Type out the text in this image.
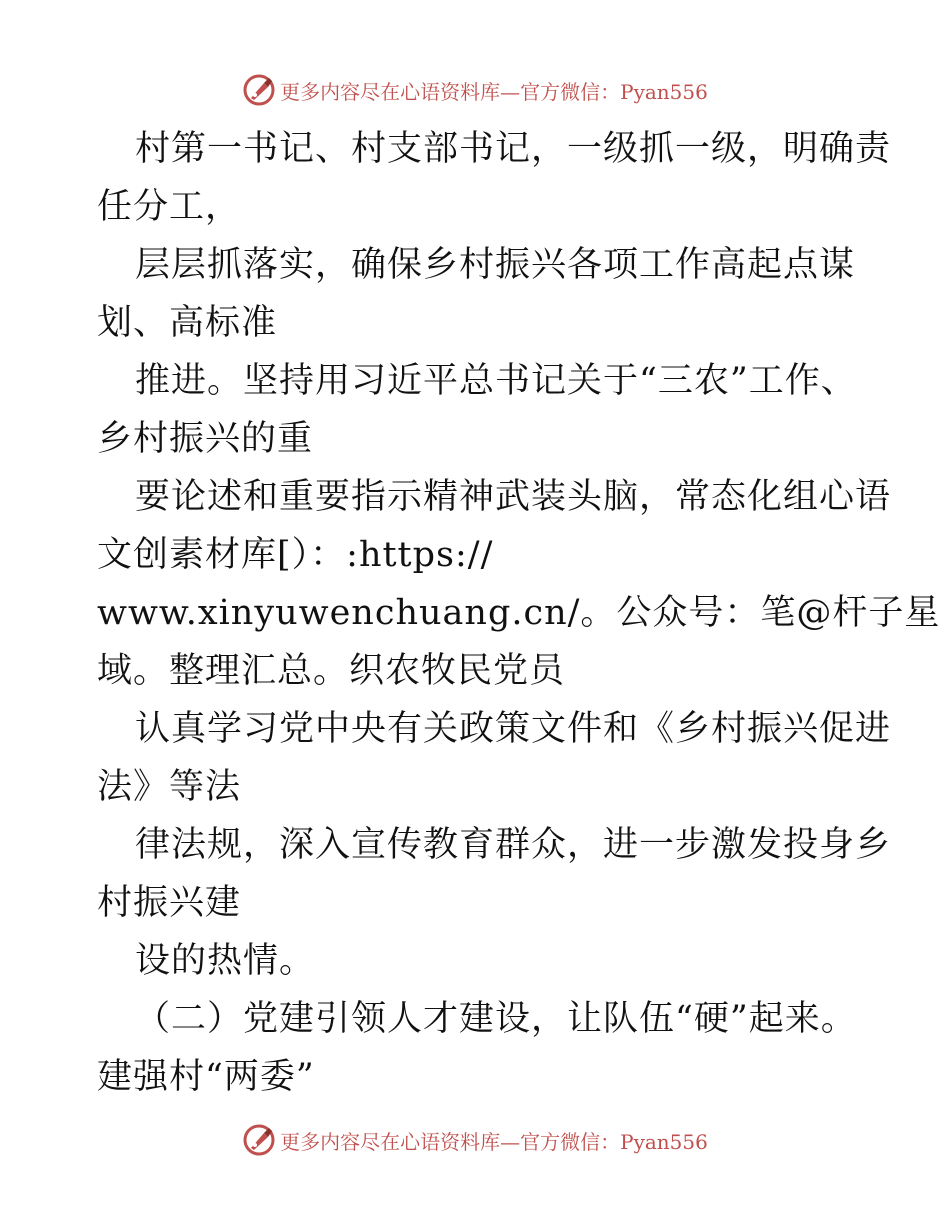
更多内容尽在心语资料库—官方微信：Pyan556

村第一书记、村支部书记，一级抓一级，明确责

任分工，

层层抓落实，确保乡村振兴各项工作高起点谋

划、高标准

推进。坚持用习近平总书记关于“三农”工作、

乡村振兴的重

要论述和重要指示精神武装头脑，常态化组心语

文创素材库[）：:https://

www.xinyuwenchuang.cn/。公众号：笔@杆子星

域。整理汇总。织农牧民党员

认真学习党中央有关政策文件和《乡村振兴促进

法》等法

律法规，深入宣传教育群众，进一步激发投身乡

村振兴建

设的热情。

（二）党建引领人才建设，让队伍“硬”起来。

建强村“两委”

更多内容尽在心语资料库—官方微信：Pyan556
